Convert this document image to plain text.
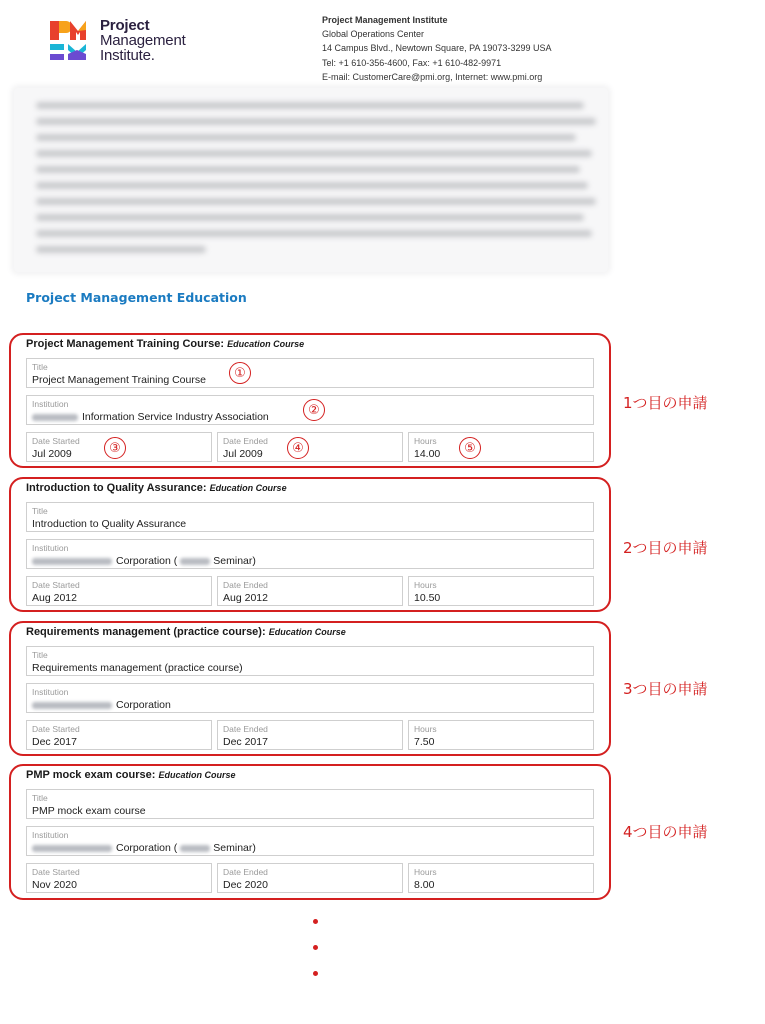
Project
Management
Institute.
Project Management Institute
Global Operations Center
14 Campus Blvd., Newtown Square, PA 19073-3299 USA
Tel: +1 610-356-4600, Fax: +1 610-482-9971
E-mail: CustomerCare@pmi.org, Internet: www.pmi.org
Project Management Education
Project Management Training Course: Education Course
Title
Project Management Training Course
Institution
Information Service Industry Association
Date Started
Jul 2009
Date Ended
Jul 2009
Hours
14.00
Introduction to Quality Assurance: Education Course
Title
Introduction to Quality Assurance
Institution
Corporation (	Seminar)
Date Started
Aug 2012
Date Ended
Aug 2012
Hours
10.50
Requirements management (practice course): Education Course
Title
Requirements management (practice course)
Institution
Corporation
Date Started
Dec 2017
Date Ended
Dec 2017
Hours
7.50
PMP mock exam course: Education Course
Title
PMP mock exam course
Institution
Corporation (	Seminar)
Date Started
Nov 2020
Date Ended
Dec 2020
Hours
8.00
1つ目の申請
2つ目の申請
3つ目の申請
4つ目の申請
①
②
③	④	⑤
